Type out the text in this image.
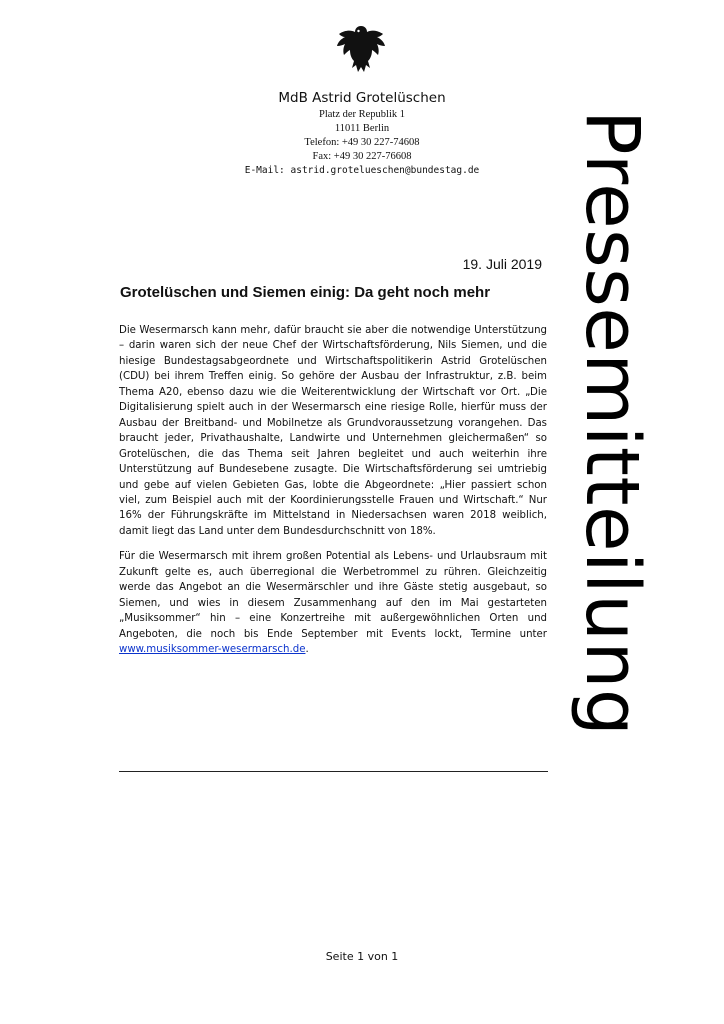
MdB Astrid Grotelüschen
Platz der Republik 1
11011 Berlin
Telefon: +49 30 227-74608
Fax: +49 30 227-76608
E-Mail: astrid.grotelueschen@bundestag.de	Pressemitteilung
19. Juli 2019
Grotelüschen und Siemen einig: Da geht noch mehr

Die Wesermarsch kann mehr, dafür braucht sie aber die notwendige Unterstützung – darin waren sich der neue Chef der Wirtschaftsförderung, Nils Siemen, und die hiesige Bundestagsabgeordnete und Wirtschaftspolitikerin Astrid Grotelüschen (CDU) bei ihrem Treffen einig. So gehöre der Ausbau der Infrastruktur, z.B. beim Thema A20, ebenso dazu wie die Weiterentwicklung der Wirtschaft vor Ort. „Die Digitalisierung spielt auch in der Wesermarsch eine riesige Rolle, hierfür muss der Ausbau der Breitband- und Mobilnetze als Grundvoraussetzung vorangehen. Das braucht jeder, Privathaushalte, Landwirte und Unternehmen gleichermaßen“ so Grotelüschen, die das Thema seit Jahren begleitet und auch weiterhin ihre Unterstützung auf Bundesebene zusagte. Die Wirtschaftsförderung sei umtriebig und gebe auf vielen Gebieten Gas, lobte die Abgeordnete: „Hier passiert schon viel, zum Beispiel auch mit der Koordinierungsstelle Frauen und Wirtschaft.“ Nur 16% der Führungskräfte im Mittelstand in Niedersachsen waren 2018 weiblich, damit liegt das Land unter dem Bundesdurchschnitt von 18%.

Für die Wesermarsch mit ihrem großen Potential als Lebens- und Urlaubsraum mit Zukunft gelte es, auch überregional die Werbetrommel zu rühren. Gleichzeitig werde das Angebot an die Wesermärschler und ihre Gäste stetig ausgebaut, so Siemen, und wies in diesem Zusammenhang auf den im Mai gestarteten „Musiksommer“ hin – eine Konzertreihe mit außergewöhnlichen Orten und Angeboten, die noch bis Ende September mit Events lockt, Termine unter www.musiksommer-wesermarsch.de.

Seite 1 von 1
